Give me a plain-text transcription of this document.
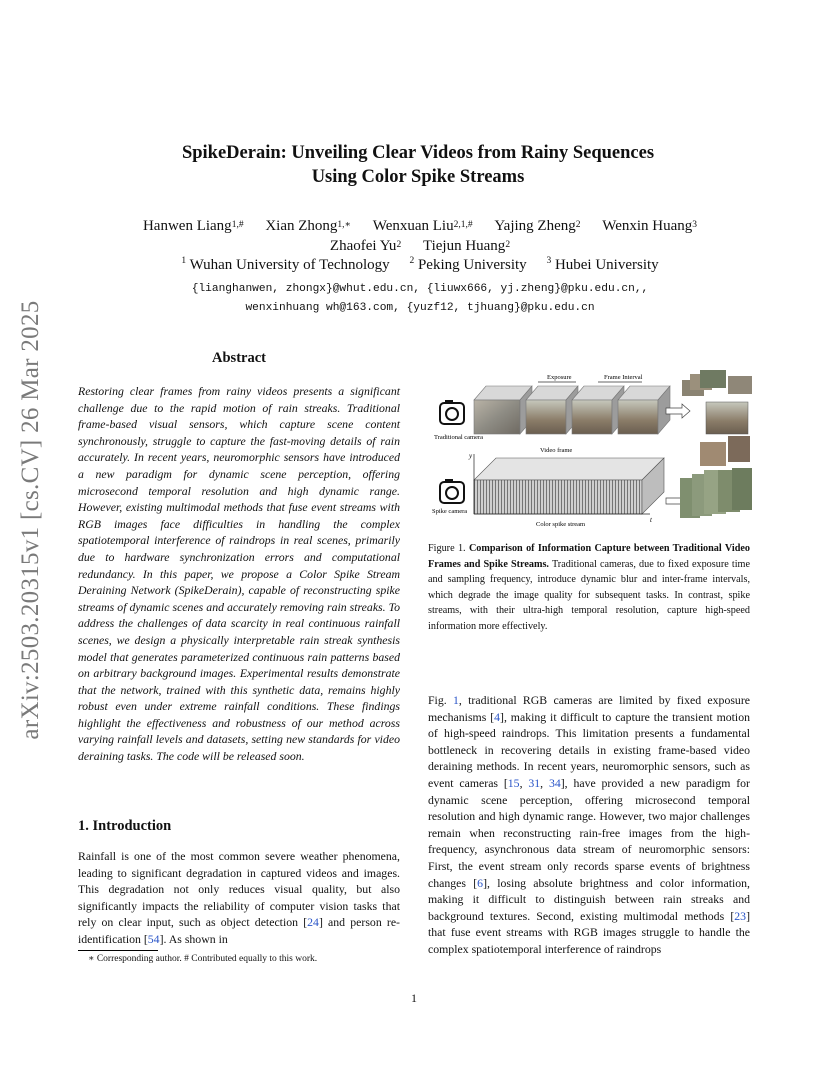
arXiv:2503.20315v1 [cs.CV] 26 Mar 2025
SpikeDerain: Unveiling Clear Videos from Rainy Sequences
Using Color Spike Streams
Hanwen Liang$^{1,\#}$ Xian Zhong$^{1,∗}$ Wenxuan Liu$^{2,1,\#}$ Yajing Zheng$^2$ Wenxin Huang$^3$
Zhaofei Yu$^2$ Tiejun Huang$^2$
$^1$ Wuhan University of Technology $^2$ Peking University $^3$ Hubei University
{lianghanwen, zhongx}@whut.edu.cn, {liuwx666, yj.zheng}@pku.edu.cn,,
wenxinhuang wh@163.com, {yuzf12, tjhuang}@pku.edu.cn
Abstract
Restoring clear frames from rainy videos presents a significant challenge due to the rapid motion of rain streaks. Traditional frame-based visual sensors, which capture scene content synchronously, struggle to capture the fast-moving details of rain accurately. In recent years, neuromorphic sensors have introduced a new paradigm for dynamic scene perception, offering microsecond temporal resolution and high dynamic range. However, existing multimodal methods that fuse event streams with RGB images face difficulties in handling the complex spatiotemporal interference of raindrops in real scenes, primarily due to hardware synchronization errors and computational redundancy. In this paper, we propose a Color Spike Stream Deraining Network (SpikeDerain), capable of reconstructing spike streams of dynamic scenes and accurately removing rain streaks. To address the challenges of data scarcity in real continuous rainfall scenes, we design a physically interpretable rain streak synthesis model that generates parameterized continuous rain patterns based on arbitrary background images. Experimental results demonstrate that the network, trained with this synthetic data, remains highly robust even under extreme rainfall conditions. These findings highlight the effectiveness and robustness of our method across varying rainfall levels and datasets, setting new standards for video deraining tasks. The code will be released soon.
1. Introduction
Rainfall is one of the most common severe weather phenomena, leading to significant degradation in captured videos and images. This degradation not only reduces visual quality, but also significantly impacts the reliability of computer vision tasks that rely on clear input, such as object detection [24] and person re-identification [54]. As shown in
∗ Corresponding author. # Contributed equally to this work.
Traditional camera
Exposure	Frame Interval
Video frame
Spike camera
y
t
Color spike stream
Figure 1. Comparison of Information Capture between Traditional Video Frames and Spike Streams. Traditional cameras, due to fixed exposure time and sampling frequency, introduce dynamic blur and inter-frame intervals, which degrade the image quality for subsequent tasks. In contrast, spike streams, with their ultra-high temporal resolution, capture high-speed information more effectively.
Fig. 1, traditional RGB cameras are limited by fixed exposure mechanisms [4], making it difficult to capture the transient motion of high-speed raindrops. This limitation presents a fundamental bottleneck in recovering details in existing frame-based video deraining methods. In recent years, neuromorphic sensors, such as event cameras [15, 31, 34], have provided a new paradigm for dynamic scene perception, offering microsecond temporal resolution and high dynamic range. However, two major challenges remain when reconstructing rain-free images from the high-frequency, asynchronous data stream of neuromorphic sensors: First, the event stream only records sparse events of brightness changes [6], losing absolute brightness and color information, making it difficult to distinguish between rain streaks and background textures. Second, existing multimodal methods [23] that fuse event streams with RGB images struggle to handle the complex spatiotemporal interference of raindrops
1
